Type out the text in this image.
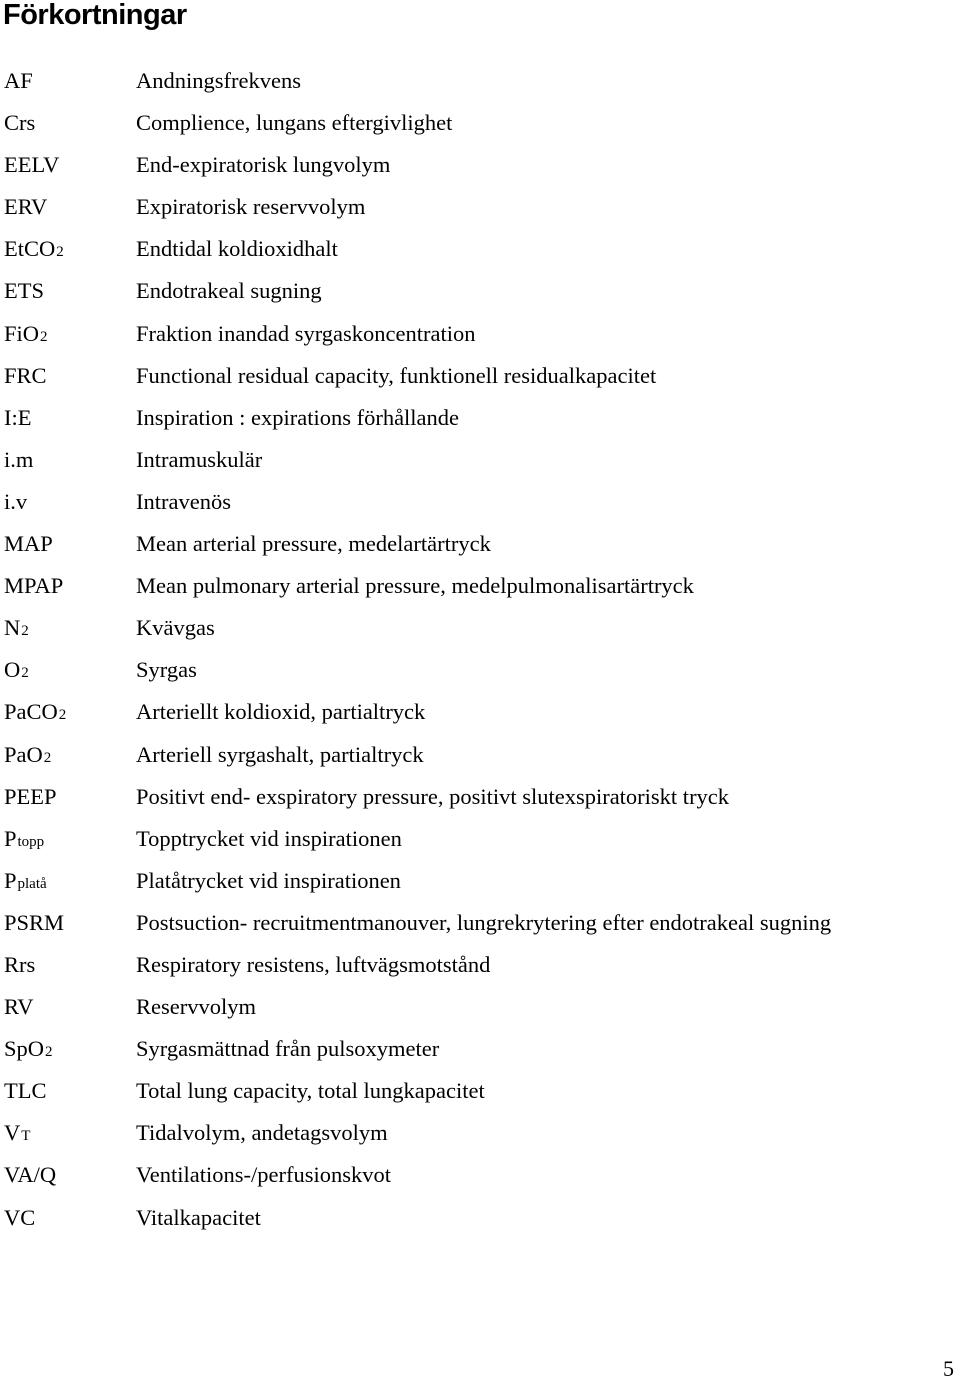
Förkortningar
AF	Andningsfrekvens
Crs	Complience, lungans eftergivlighet
EELV	End-expiratorisk lungvolym
ERV	Expiratorisk reservvolym
EtCO2	Endtidal koldioxidhalt
ETS	Endotrakeal sugning
FiO2	Fraktion inandad syrgaskoncentration
FRC	Functional residual capacity, funktionell residualkapacitet
I:E	Inspiration : expirations förhållande
i.m	Intramuskulär
i.v	Intravenös
MAP	Mean arterial pressure, medelartärtryck
MPAP	Mean pulmonary arterial pressure, medelpulmonalisartärtryck
N2	Kvävgas
O2	Syrgas
PaCO2	Arteriellt koldioxid, partialtryck
PaO2	Arteriell syrgashalt, partialtryck
PEEP	Positivt end- exspiratory pressure, positivt slutexspiratoriskt tryck
Ptopp	Topptrycket vid inspirationen
Pplatå	Platåtrycket vid inspirationen
PSRM	Postsuction- recruitmentmanouver, lungrekrytering efter endotrakeal sugning
Rrs	Respiratory resistens, luftvägsmotstånd
RV	Reservvolym
SpO2	Syrgasmättnad från pulsoxymeter
TLC	Total lung capacity, total lungkapacitet
VT	Tidalvolym, andetagsvolym
VA/Q	Ventilations-/perfusionskvot
VC	Vitalkapacitet
5
